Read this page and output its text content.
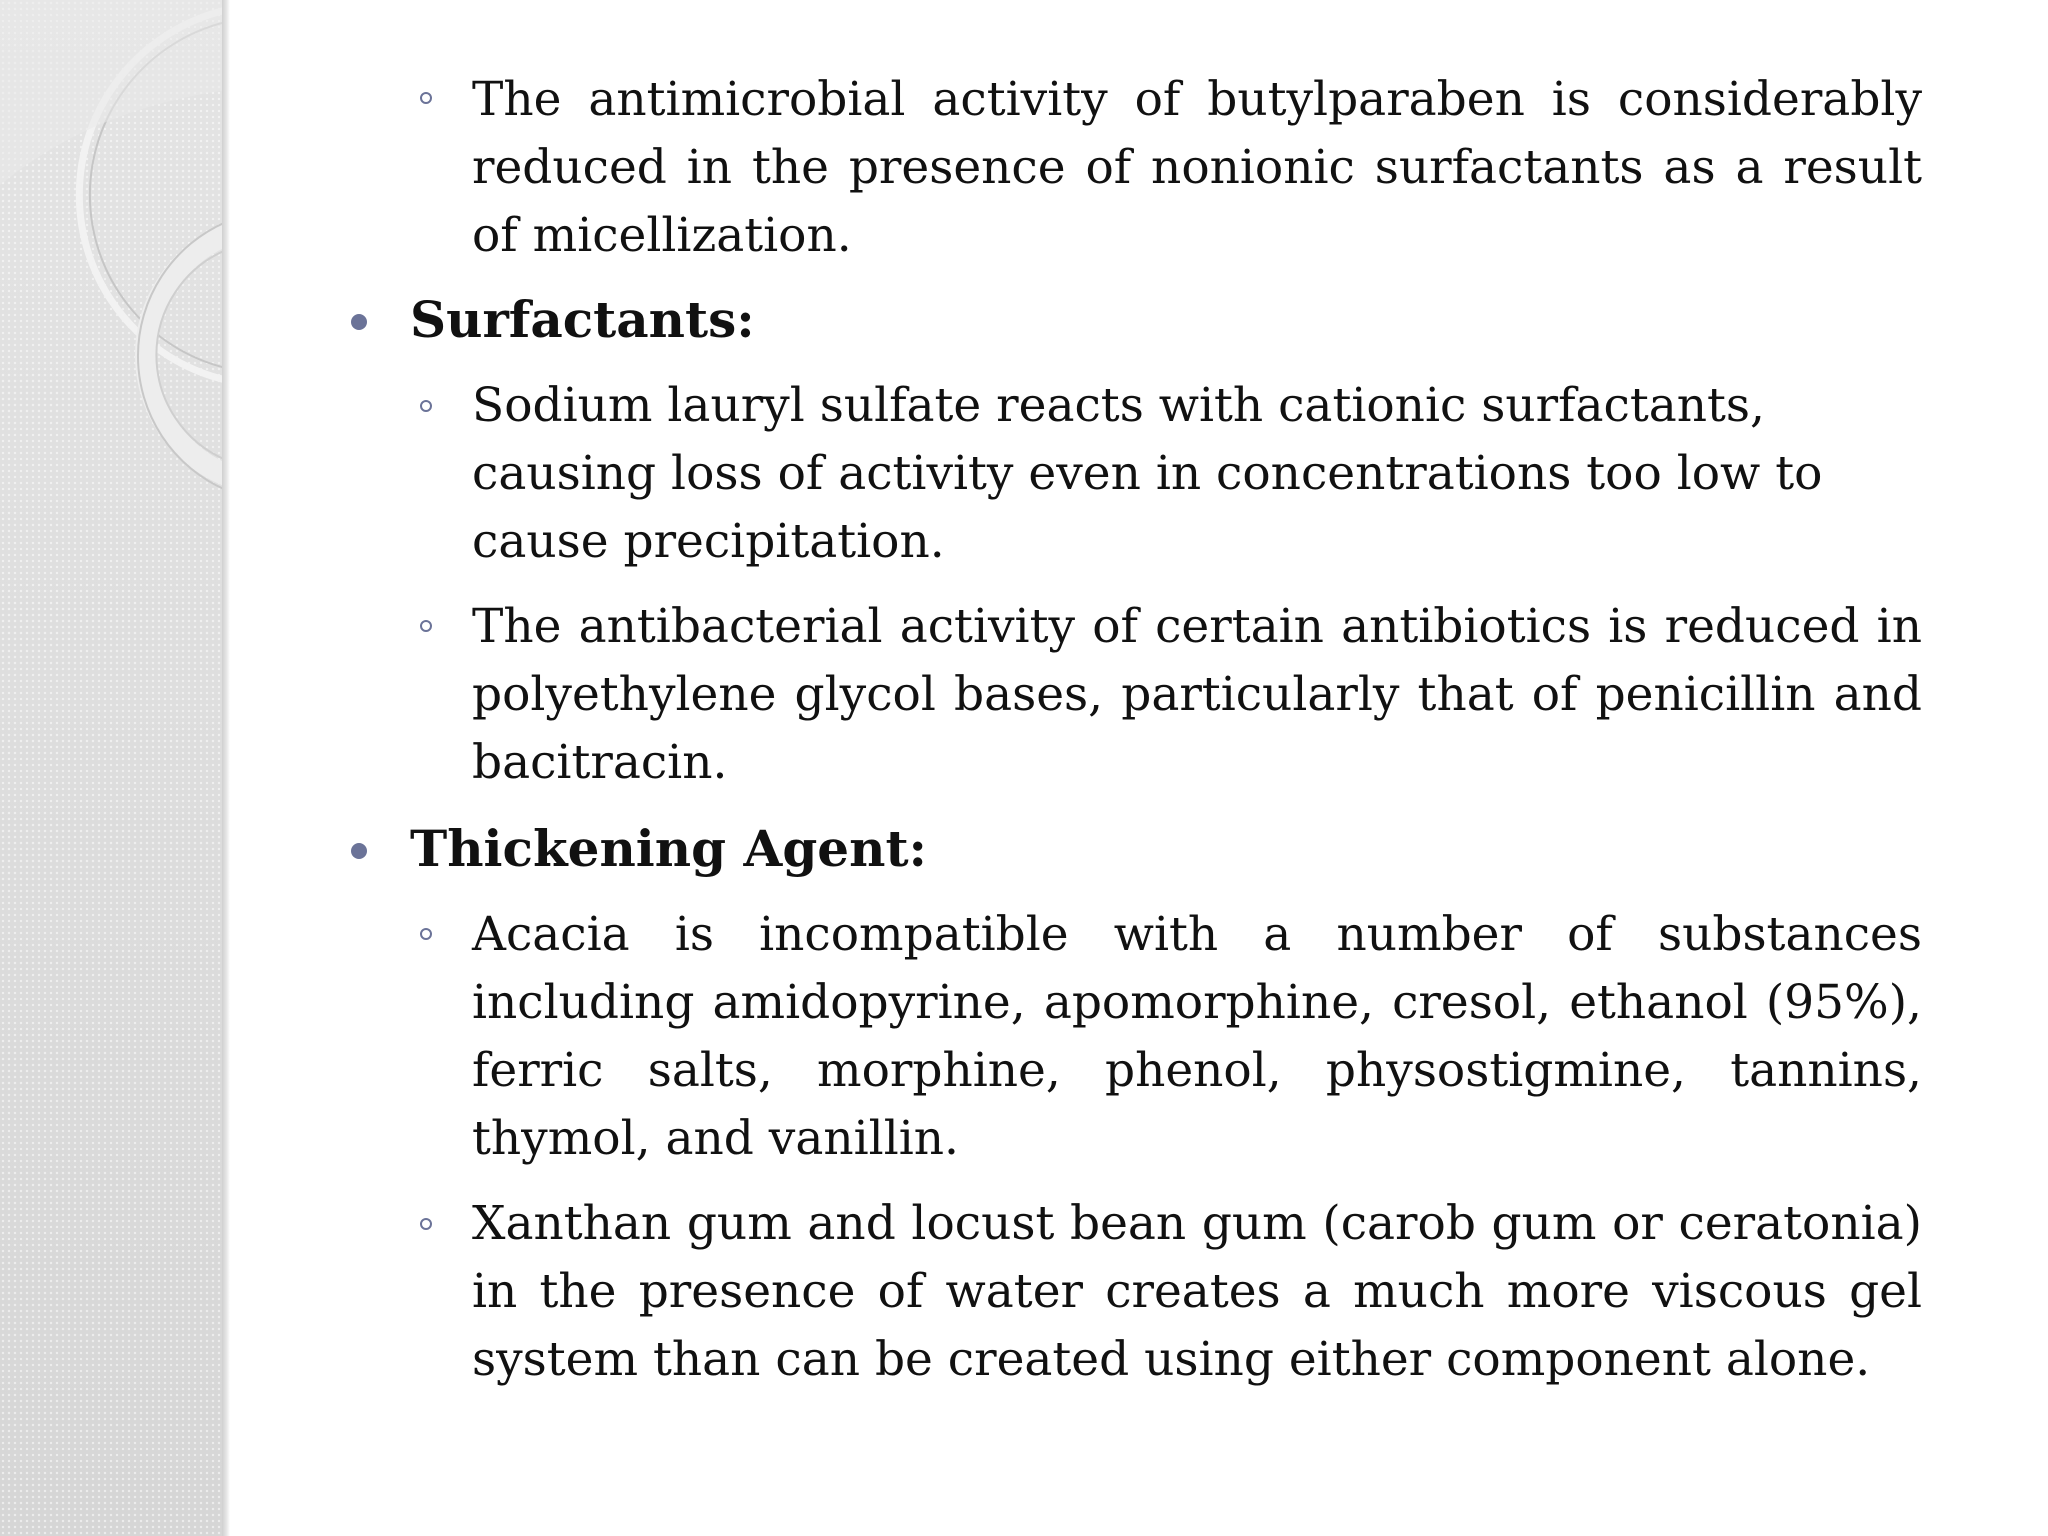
The antimicrobial activity of butylparaben is considerably reduced in the presence of nonionic surfactants as a result of micellization.
Surfactants:
Sodium lauryl sulfate reacts with cationic surfactants, causing loss of activity even in concentrations too low to cause precipitation.
The antibacterial activity of certain antibiotics is reduced in polyethylene glycol bases, particularly that of penicillin and bacitracin.
Thickening Agent:
Acacia is incompatible with a number of substances including amidopyrine, apomorphine, cresol, ethanol (95%), ferric salts, morphine, phenol, physostigmine, tannins, thymol, and vanillin.
Xanthan gum and locust bean gum (carob gum or ceratonia) in the presence of water creates a much more viscous gel system than can be created using either component alone.
